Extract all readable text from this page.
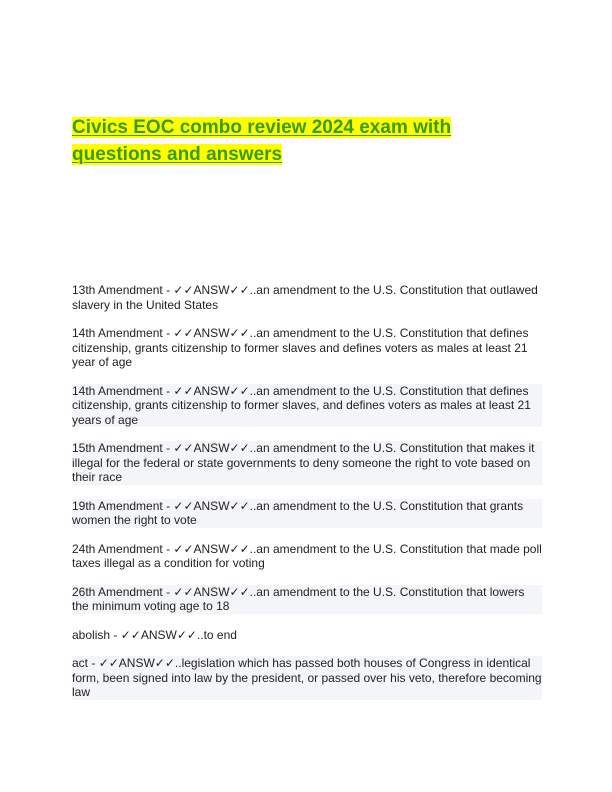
Civics EOC combo review 2024 exam with questions and answers

13th Amendment - ✓✓ANSW✓✓..an amendment to the U.S. Constitution that outlawed slavery in the United States

14th Amendment - ✓✓ANSW✓✓..an amendment to the U.S. Constitution that defines citizenship, grants citizenship to former slaves and defines voters as males at least 21 year of age

14th Amendment - ✓✓ANSW✓✓..an amendment to the U.S. Constitution that defines citizenship, grants citizenship to former slaves, and defines voters as males at least 21 years of age

15th Amendment - ✓✓ANSW✓✓..an amendment to the U.S. Constitution that makes it illegal for the federal or state governments to deny someone the right to vote based on their race

19th Amendment - ✓✓ANSW✓✓..an amendment to the U.S. Constitution that grants women the right to vote

24th Amendment - ✓✓ANSW✓✓..an amendment to the U.S. Constitution that made poll taxes illegal as a condition for voting

26th Amendment - ✓✓ANSW✓✓..an amendment to the U.S. Constitution that lowers the minimum voting age to 18

abolish - ✓✓ANSW✓✓..to end

act - ✓✓ANSW✓✓..legislation which has passed both houses of Congress in identical form, been signed into law by the president, or passed over his veto, therefore becoming law
